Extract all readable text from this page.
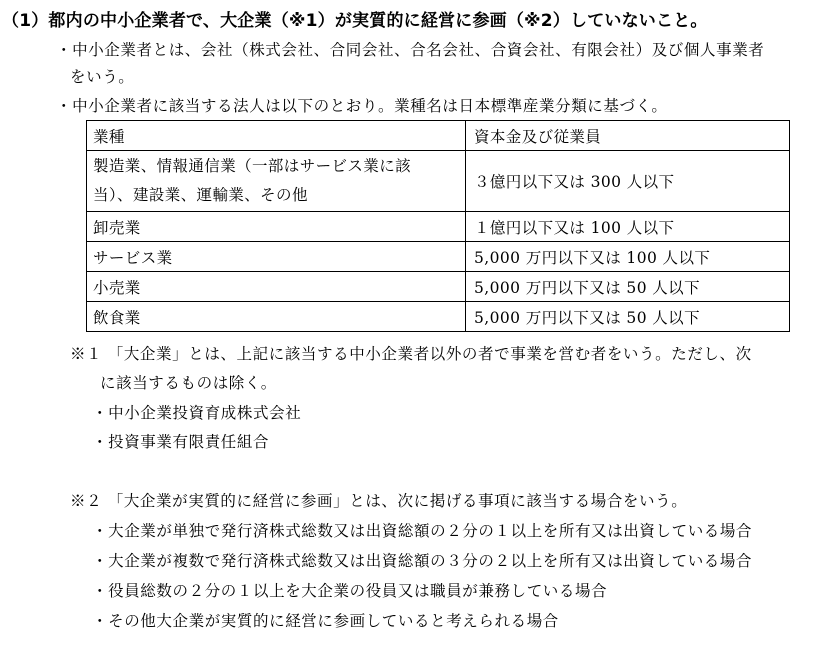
（1）都内の中小企業者で、大企業（※1）が実質的に経営に参画（※2）していないこと。
・中小企業者とは、会社（株式会社、合同会社、合名会社、合資会社、有限会社）及び個人事業者
をいう。
・中小企業者に該当する法人は以下のとおり。業種名は日本標準産業分類に基づく。
業種	資本金及び従業員

製造業、情報通信業（一部はサービス業に該
当）、建設業、運輸業、その他	３億円以下又は 300 人以下
卸売業	１億円以下又は 100 人以下
サービス業	5,000 万円以下又は 100 人以下
小売業	5,000 万円以下又は 50 人以下
飲食業	5,000 万円以下又は 50 人以下
※１ 「大企業」とは、上記に該当する中小企業者以外の者で事業を営む者をいう。ただし、次
に該当するものは除く。
・中小企業投資育成株式会社
・投資事業有限責任組合
※２ 「大企業が実質的に経営に参画」とは、次に掲げる事項に該当する場合をいう。
・大企業が単独で発行済株式総数又は出資総額の２分の１以上を所有又は出資している場合
・大企業が複数で発行済株式総数又は出資総額の３分の２以上を所有又は出資している場合
・役員総数の２分の１以上を大企業の役員又は職員が兼務している場合
・その他大企業が実質的に経営に参画していると考えられる場合
